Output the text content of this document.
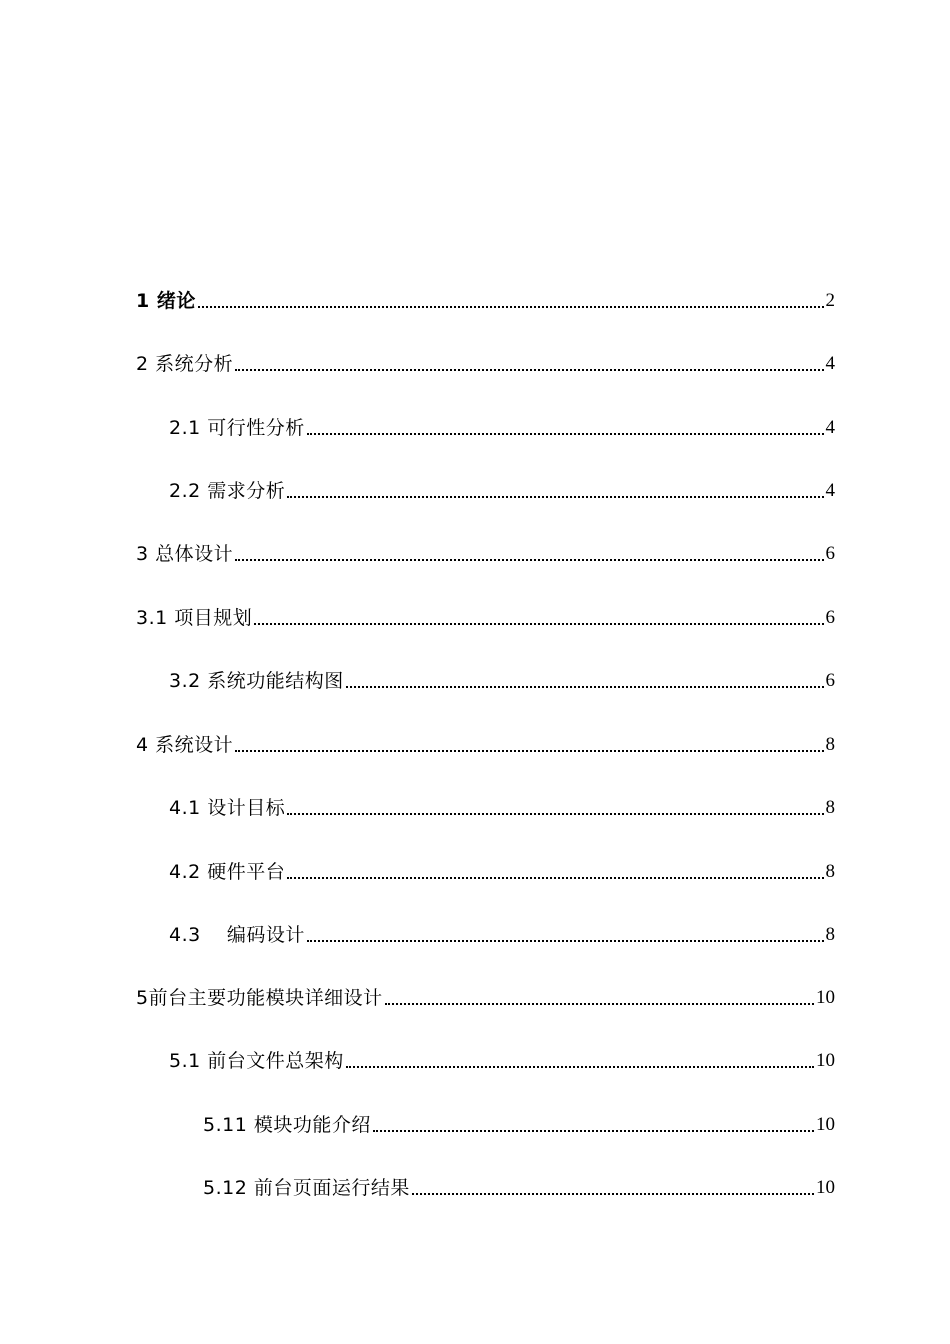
1 绪论	2
2 系统分析	4
2.1 可行性分析	4
2.2 需求分析	4
3 总体设计	6
3.1 项目规划	6
3.2 系统功能结构图	6
4 系统设计	8
4.1 设计目标	8
4.2 硬件平台	8
4.3    编码设计	8
5前台主要功能模块详细设计	10
5.1 前台文件总架构	10
5.11 模块功能介绍	10
5.12 前台页面运行结果	10
